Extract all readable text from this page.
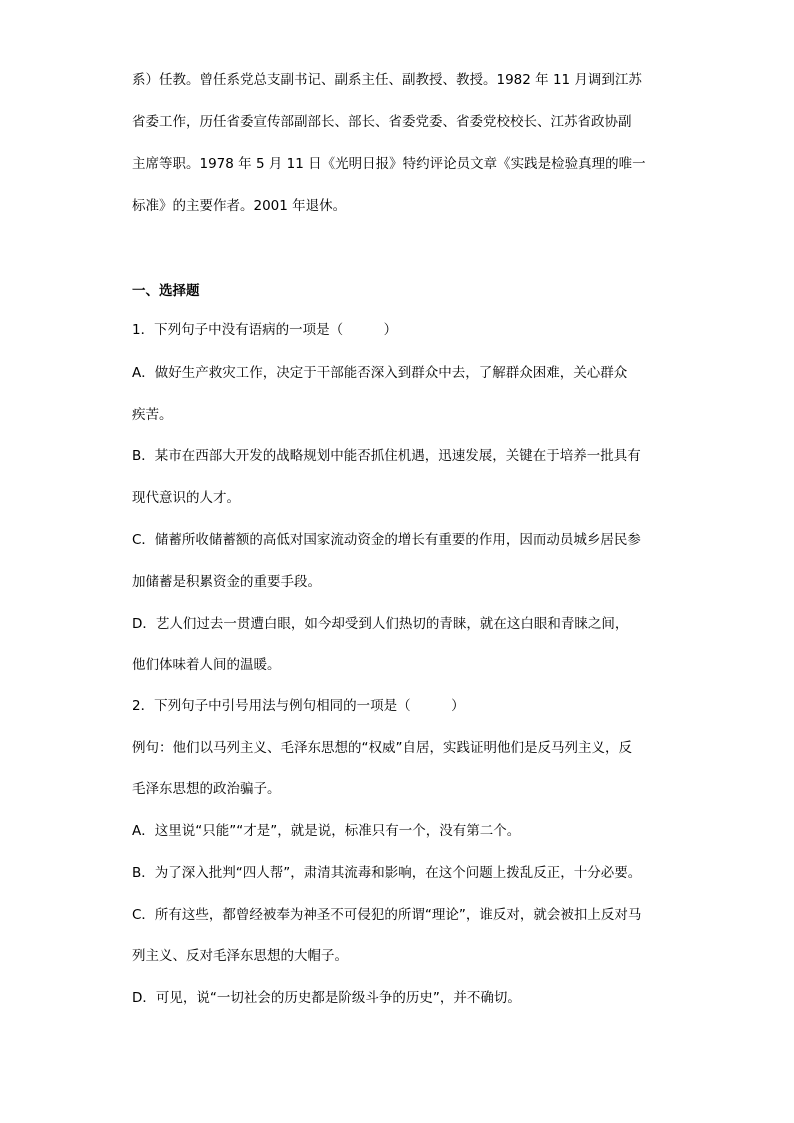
系）任教。曾任系党总支副书记、副系主任、副教授、教授。1982 年 11 月调到江苏
省委工作，历任省委宣传部副部长、部长、省委党委、省委党校校长、江苏省政协副
主席等职。1978 年 5 月 11 日《光明日报》特约评论员文章《实践是检验真理的唯一
标准》的主要作者。2001 年退休。
一、选择题
1．下列句子中没有语病的一项是（　　　）
A．做好生产救灾工作，决定于干部能否深入到群众中去，了解群众困难，关心群众
疾苦。
B．某市在西部大开发的战略规划中能否抓住机遇，迅速发展，关键在于培养一批具有
现代意识的人才。
C．储蓄所收储蓄额的高低对国家流动资金的增长有重要的作用，因而动员城乡居民参
加储蓄是积累资金的重要手段。
D．艺人们过去一贯遭白眼，如今却受到人们热切的青睐，就在这白眼和青睐之间，
他们体味着人间的温暖。
2．下列句子中引号用法与例句相同的一项是（　　　）
例句：他们以马列主义、毛泽东思想的“权威”自居，实践证明他们是反马列主义，反
毛泽东思想的政治骗子。
A．这里说“只能”“才是”，就是说，标准只有一个，没有第二个。
B．为了深入批判“四人帮”，肃清其流毒和影响，在这个问题上拨乱反正，十分必要。
C．所有这些，都曾经被奉为神圣不可侵犯的所谓“理论”，谁反对，就会被扣上反对马
列主义、反对毛泽东思想的大帽子。
D．可见，说“一切社会的历史都是阶级斗争的历史”，并不确切。
